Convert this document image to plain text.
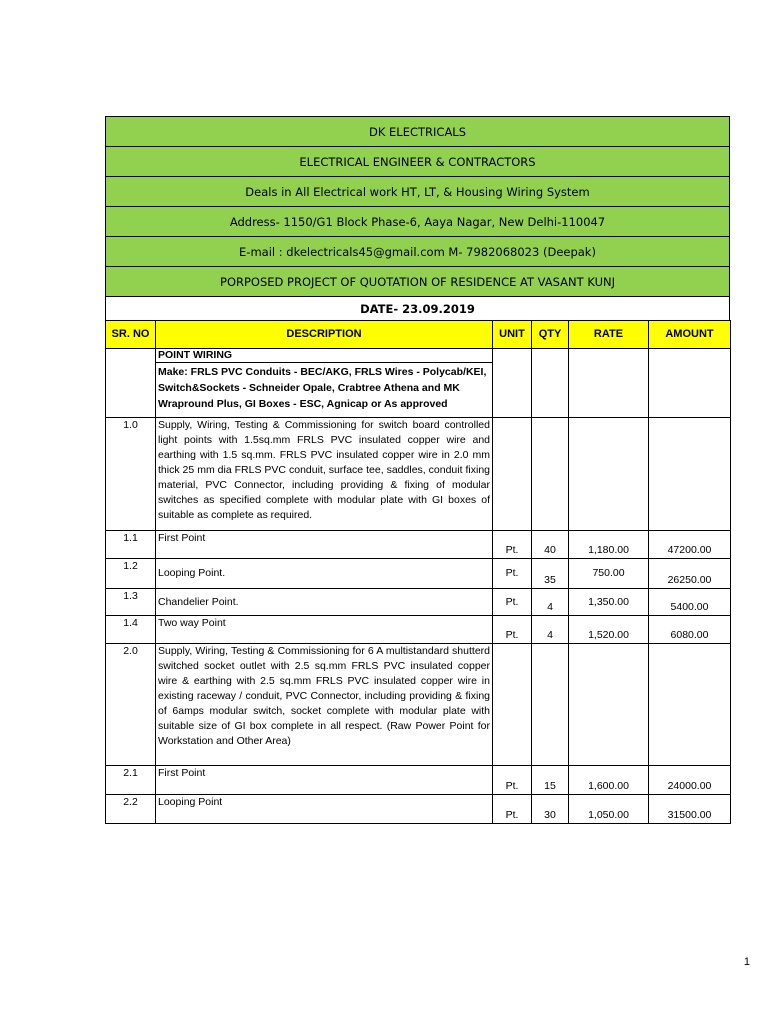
DK ELECTRICALS
ELECTRICAL ENGINEER & CONTRACTORS
Deals in All Electrical work HT, LT, & Housing Wiring System
Address- 1150/G1 Block Phase-6, Aaya Nagar, New Delhi-110047
E-mail : dkelectricals45@gmail.com M- 7982068023 (Deepak)
PORPOSED PROJECT OF QUOTATION OF RESIDENCE AT VASANT KUNJ
DATE- 23.09.2019
SR. NO	DESCRIPTION	UNIT	QTY	RATE	AMOUNT

	POINT WIRING
Make: FRLS PVC Conduits - BEC/AKG, FRLS Wires - Polycab/KEI, Switch&Sockets - Schneider Opale, Crabtree Athena and MK Wrapround Plus, GI Boxes - ESC, Agnicap or As approved				

1.0	Supply, Wiring, Testing & Commissioning for switch board controlled light points with 1.5sq.mm FRLS PVC insulated copper wire and earthing with 1.5 sq.mm. FRLS PVC insulated copper wire in 2.0 mm thick 25 mm dia FRLS PVC conduit, surface tee, saddles, conduit fixing material, PVC Connector, including providing & fixing of modular switches as specified complete with modular plate with GI boxes of suitable as complete as required.				
1.1	First Point	Pt.	40	1,180.00	47200.00
1.2	Looping Point.	Pt.	35	750.00	26250.00
1.3	Chandelier Point.	Pt.	4	1,350.00	5400.00
1.4	Two way Point	Pt.	4	1,520.00	6080.00
2.0	Supply, Wiring, Testing & Commissioning for 6 A multistandard shutterd switched socket outlet with 2.5 sq.mm FRLS PVC insulated copper wire & earthing with 2.5 sq.mm FRLS PVC insulated copper wire in existing raceway / conduit, PVC Connector, including providing & fixing of 6amps modular switch, socket complete with modular plate with suitable size of GI box complete in all respect. (Raw Power Point for Workstation and Other Area)				
2.1	First Point	Pt.	15	1,600.00	24000.00
2.2	Looping Point	Pt.	30	1,050.00	31500.00
1
